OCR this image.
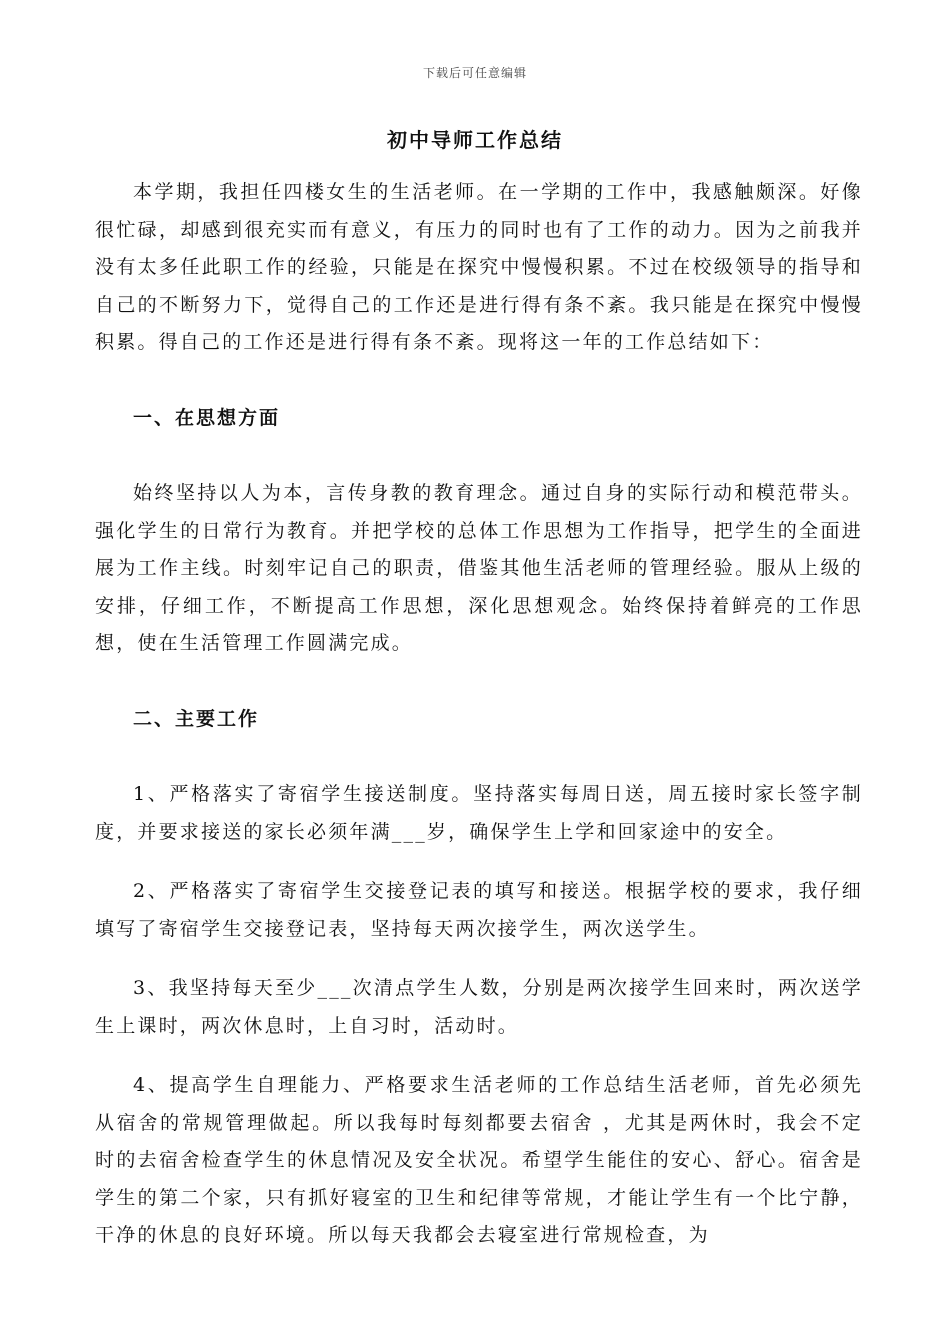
下载后可任意编辑
初中导师工作总结

本学期，我担任四楼女生的生活老师。在一学期的工作中，我感触颇深。好像很忙碌，却感到很充实而有意义，有压力的同时也有了工作的动力。因为之前我并没有太多任此职工作的经验，只能是在探究中慢慢积累。不过在校级领导的指导和自己的不断努力下，觉得自己的工作还是进行得有条不紊。我只能是在探究中慢慢积累。得自己的工作还是进行得有条不紊。现将这一年的工作总结如下：

一、在思想方面

始终坚持以人为本，言传身教的教育理念。通过自身的实际行动和模范带头。强化学生的日常行为教育。并把学校的总体工作思想为工作指导，把学生的全面进展为工作主线。时刻牢记自己的职责，借鉴其他生活老师的管理经验。服从上级的安排，仔细工作，不断提高工作思想，深化思想观念。始终保持着鲜亮的工作思想，使在生活管理工作圆满完成。

二、主要工作

1、严格落实了寄宿学生接送制度。坚持落实每周日送，周五接时家长签字制度，并要求接送的家长必须年满___岁，确保学生上学和回家途中的安全。

2、严格落实了寄宿学生交接登记表的填写和接送。根据学校的要求，我仔细填写了寄宿学生交接登记表，坚持每天两次接学生，两次送学生。

3、我坚持每天至少___次清点学生人数，分别是两次接学生回来时，两次送学生上课时，两次休息时，上自习时，活动时。

4、提高学生自理能力、严格要求生活老师的工作总结生活老师，首先必须先从宿舍的常规管理做起。所以我每时每刻都要去宿舍 ，尤其是两休时，我会不定时的去宿舍检查学生的休息情况及安全状况。希望学生能住的安心、舒心。宿舍是学生的第二个家，只有抓好寝室的卫生和纪律等常规，才能让学生有一个比宁静，干净的休息的良好环境。所以每天我都会去寝室进行常规检查，为
